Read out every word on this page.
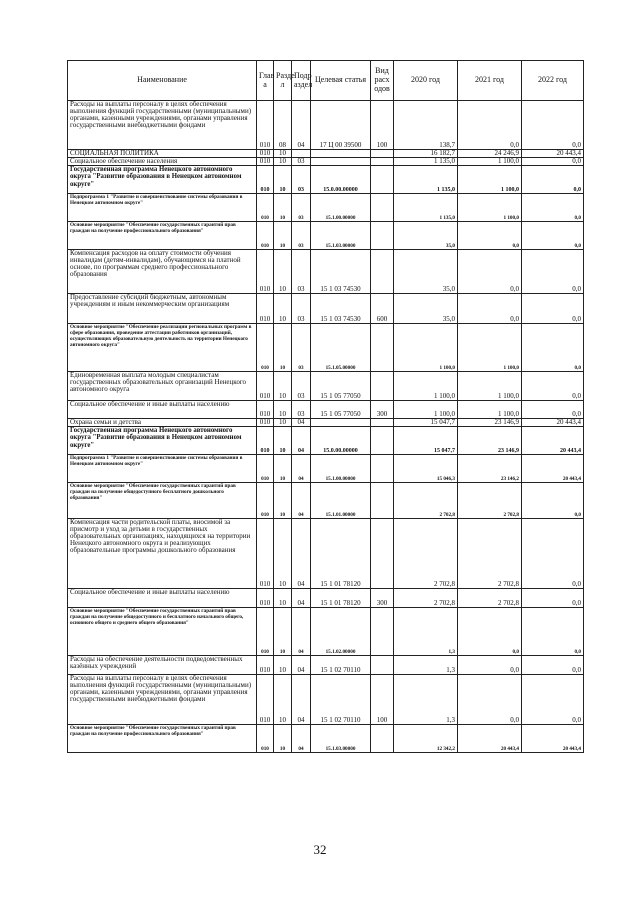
Наименование	Глав а	Разде л	Подр аздел	Целевая статья	Вид расх одов	2020 год	2021 год	2022 год
Расходы на выплаты персоналу в целях обеспечения выполнения функций государственными (муниципальными) органами, казенными учреждениями, органами управления государственными внебюджетными фондами	010	08	04	17 Ц 00 39500	100	138,7	0,0	0,0
СОЦИАЛЬНАЯ ПОЛИТИКА	010	10				16 182,7	24 246,9	20 443,4
Социальное обеспечение населения	010	10	03			1 135,0	1 100,0	0,0
Государственная программа Ненецкого автономного округа "Развитие образования в Ненецком автономном округе"	010	10	03	15.0.00.00000		1 135,0	1 100,0	0,0
Подпрограмма 1 "Развитие и совершенствование системы образования в Ненецком автономном округе"	010	10	03	15.1.00.00000		1 135,0	1 100,0	0,0
Основное мероприятие "Обеспечение государственных гарантий прав граждан на получение профессионального образования"	010	10	03	15.1.03.00000		35,0	0,0	0,0
Компенсация расходов на оплату стоимости обучения инвалидам (детям-инвалидам), обучающимся на платной основе, по программам среднего профессионального образования	010	10	03	15 1 03 74530		35,0	0,0	0,0
Предоставление субсидий бюджетным, автономным учреждениям и иным некоммерческим организациям	010	10	03	15 1 03 74530	600	35,0	0,0	0,0
Основное мероприятие "Обеспечение реализации региональных программ в сфере образования, проведение аттестации работников организаций, осуществляющих образовательную деятельность на территории Ненецкого автономного округа"	010	10	03	15.1.05.00000		1 100,0	1 100,0	0,0
Единовременная выплата молодым специалистам государственных образовательных организаций Ненецкого автономного округа	010	10	03	15 1 05 77050		1 100,0	1 100,0	0,0
Социальное обеспечение и иные выплаты населению	010	10	03	15 1 05 77050	300	1 100,0	1 100,0	0,0
Охрана семьи и детства	010	10	04			15 047,7	23 146,9	20 443,4
Государственная программа Ненецкого автономного округа "Развитие образования в Ненецком автономном округе"	010	10	04	15.0.00.00000		15 047,7	23 146,9	20 443,4
Подпрограмма 1 "Развитие и совершенствование системы образования в Ненецком автономном округе"	010	10	04	15.1.00.00000		15 046,3	23 146,2	20 443,4
Основное мероприятие "Обеспечение государственных гарантий прав граждан на получение общедоступного бесплатного дошкольного образования"	010	10	04	15.1.01.00000		2 702,8	2 702,8	0,0
Компенсация части родительской платы, вносимой за присмотр и уход за детьми в государственных образовательных организациях, находящихся на территории Ненецкого автономного округа и реализующих образовательные программы дошкольного образования	010	10	04	15 1 01 78120		2 702,8	2 702,8	0,0
Социальное обеспечение и иные выплаты населению	010	10	04	15 1 01 78120	300	2 702,8	2 702,8	0,0
Основное мероприятие "Обеспечение государственных гарантий прав граждан на получение общедоступного и бесплатного начального общего, основного общего и среднего общего образования"	010	10	04	15.1.02.00000		1,3	0,0	0,0
Расходы на обеспечение деятельности подведомственных казённых учреждений	010	10	04	15 1 02 70110		1,3	0,0	0,0
Расходы на выплаты персоналу в целях обеспечения выполнения функций государственными (муниципальными) органами, казенными учреждениями, органами управления государственными внебюджетными фондами	010	10	04	15 1 02 70110	100	1,3	0,0	0,0
Основное мероприятие "Обеспечение государственных гарантий прав граждан на получение профессионального образования"	010	10	04	15.1.03.00000		12 342,2	20 443,4	20 443,4
32
